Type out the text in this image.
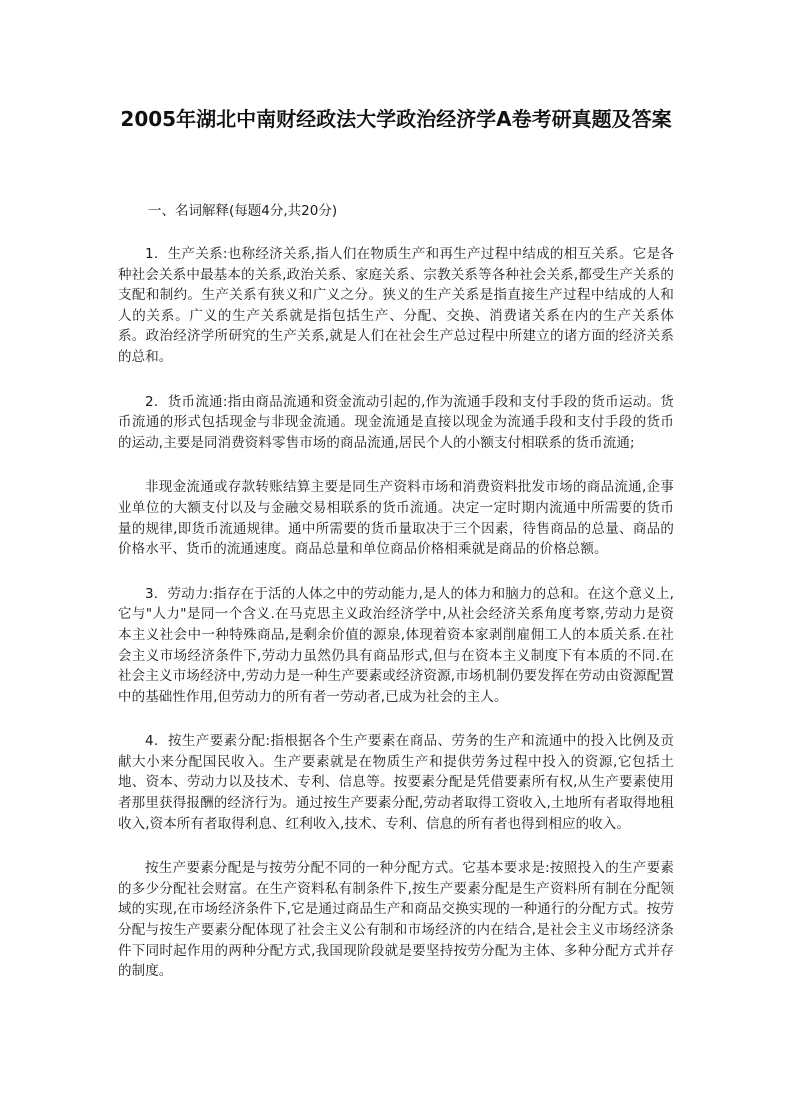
2005年湖北中南财经政法大学政治经济学A卷考研真题及答案

一、名词解释(每题4分,共20分)

1．生产关系:也称经济关系,指人们在物质生产和再生产过程中结成的相互关系。它是各种社会关系中最基本的关系,政治关系、家庭关系、宗教关系等各种社会关系,都受生产关系的支配和制约。生产关系有狭义和广义之分。狭义的生产关系是指直接生产过程中结成的人和人的关系。广义的生产关系就是指包括生产、分配、交换、消费诸关系在内的生产关系体系。政治经济学所研究的生产关系,就是人们在社会生产总过程中所建立的诸方面的经济关系的总和。

2．货币流通:指由商品流通和资金流动引起的,作为流通手段和支付手段的货币运动。货币流通的形式包括现金与非现金流通。现金流通是直接以现金为流通手段和支付手段的货币的运动,主要是同消费资料零售市场的商品流通,居民个人的小额支付相联系的货币流通;

非现金流通或存款转账结算主要是同生产资料市场和消费资料批发市场的商品流通,企事业单位的大额支付以及与金融交易相联系的货币流通。决定一定时期内流通中所需要的货币量的规律,即货币流通规律。通中所需要的货币量取决于三个因素，待售商品的总量、商品的价格水平、货币的流通速度。商品总量和单位商品价格相乘就是商品的价格总额。

3．劳动力:指存在于活的人体之中的劳动能力,是人的体力和脑力的总和。在这个意义上,它与"人力"是同一个含义.在马克思主义政治经济学中,从社会经济关系角度考察,劳动力是资本主义社会中一种特殊商品,是剩余价值的源泉,体现着资本家剥削雇佣工人的本质关系.在社会主义市场经济条件下,劳动力虽然仍具有商品形式,但与在资本主义制度下有本质的不同.在社会主义市场经济中,劳动力是一种生产要素或经济资源,市场机制仍要发挥在劳动由资源配置中的基础性作用,但劳动力的所有者一劳动者,已成为社会的主人。

4．按生产要素分配:指根据各个生产要素在商品、劳务的生产和流通中的投入比例及贡献大小来分配国民收入。生产要素就是在物质生产和提供劳务过程中投入的资源,它包括土地、资本、劳动力以及技术、专利、信息等。按要素分配是凭借要素所有权,从生产要素使用者那里获得报酬的经济行为。通过按生产要素分配,劳动者取得工资收入,土地所有者取得地租收入,资本所有者取得利息、红利收入,技术、专利、信息的所有者也得到相应的收入。

按生产要素分配是与按劳分配不同的一种分配方式。它基本要求是:按照投入的生产要素的多少分配社会财富。在生产资料私有制条件下,按生产要素分配是生产资料所有制在分配领域的实现,在市场经济条件下,它是通过商品生产和商品交换实现的一种通行的分配方式。按劳分配与按生产要素分配体现了社会主义公有制和市场经济的内在结合,是社会主义市场经济条件下同时起作用的两种分配方式,我国现阶段就是要坚持按劳分配为主体、多种分配方式并存的制度。
